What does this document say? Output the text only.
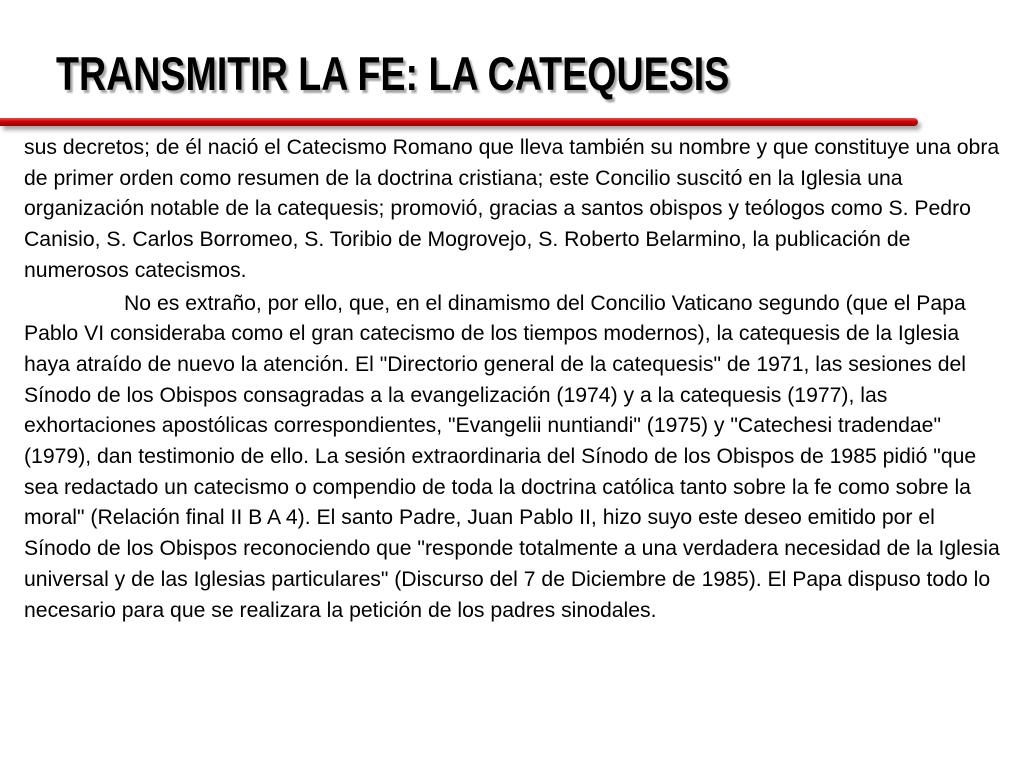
TRANSMITIR LA FE: LA CATEQUESIS

sus decretos; de él nació el Catecismo Romano que lleva también su nombre y que constituye una obra de primer orden como resumen de la doctrina cristiana; este Concilio suscitó en la Iglesia una organización notable de la catequesis; promovió, gracias a santos obispos y teólogos como S. Pedro Canisio, S. Carlos Borromeo, S. Toribio de Mogrovejo, S. Roberto Belarmino, la publicación de numerosos catecismos.

No es extraño, por ello, que, en el dinamismo del Concilio Vaticano segundo (que el Papa Pablo VI consideraba como el gran catecismo de los tiempos modernos), la catequesis de la Iglesia haya atraído de nuevo la atención. El "Directorio general de la catequesis" de 1971, las sesiones del Sínodo de los Obispos consagradas a la evangelización (1974) y a la catequesis (1977), las exhortaciones apostólicas correspondientes, "Evangelii nuntiandi" (1975) y "Catechesi tradendae" (1979), dan testimonio de ello. La sesión extraordinaria del Sínodo de los Obispos de 1985 pidió "que sea redactado un catecismo o compendio de toda la doctrina católica tanto sobre la fe como sobre la moral" (Relación final II B A 4). El santo Padre, Juan Pablo II, hizo suyo este deseo emitido por el Sínodo de los Obispos reconociendo que "responde totalmente a una verdadera necesidad de la Iglesia universal y de las Iglesias particulares" (Discurso del 7 de Diciembre de 1985). El Papa dispuso todo lo necesario para que se realizara la petición de los padres sinodales.
